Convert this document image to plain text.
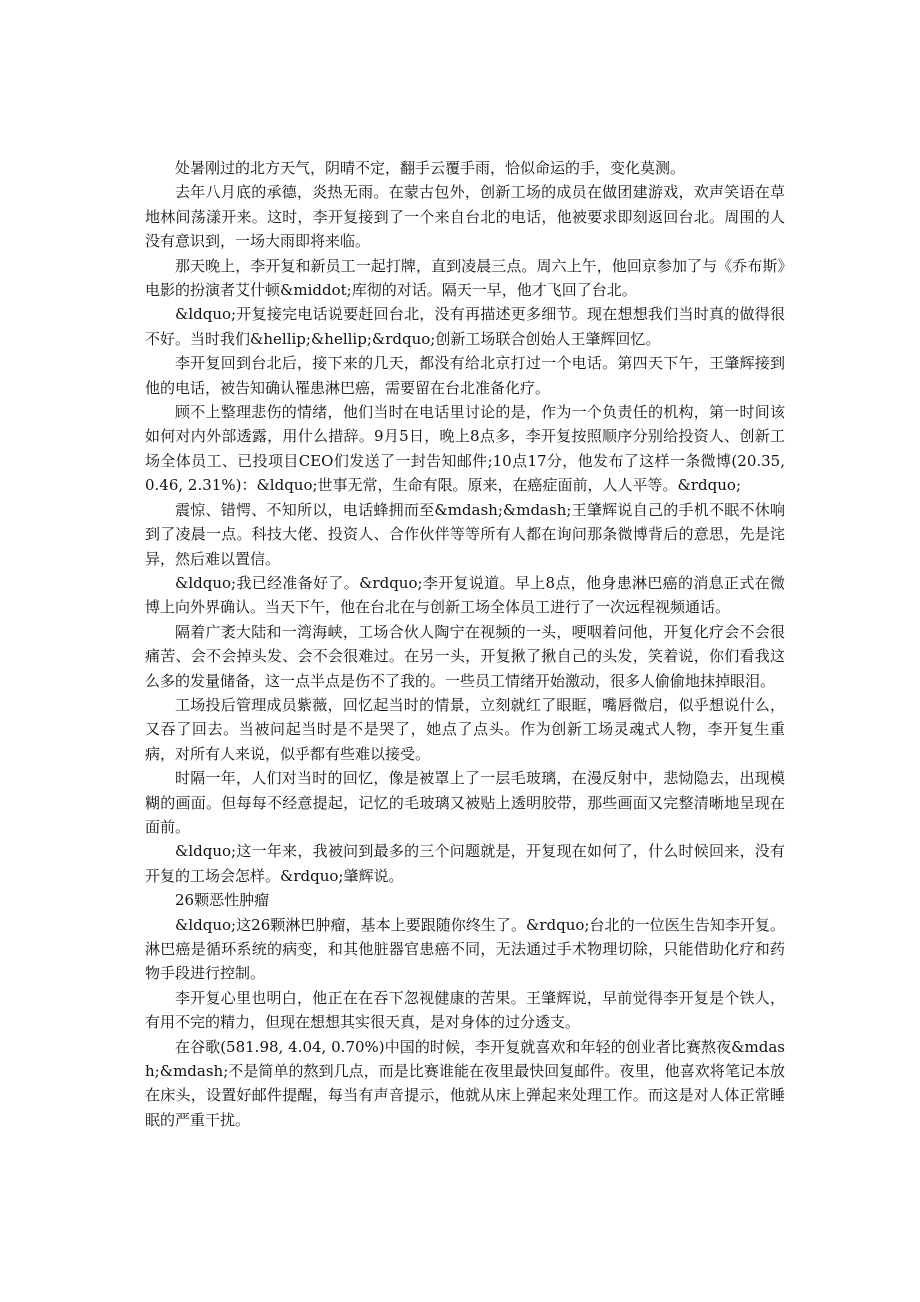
处暑刚过的北方天气，阴晴不定，翻手云覆手雨，恰似命运的手，变化莫测。

去年八月底的承德，炎热无雨。在蒙古包外，创新工场的成员在做团建游戏，欢声笑语在草地林间荡漾开来。这时，李开复接到了一个来自台北的电话，他被要求即刻返回台北。周围的人没有意识到，一场大雨即将来临。

那天晚上，李开复和新员工一起打牌，直到凌晨三点。周六上午，他回京参加了与《乔布斯》电影的扮演者艾什顿&middot;库彻的对话。隔天一早，他才飞回了台北。

&ldquo;开复接完电话说要赶回台北，没有再描述更多细节。现在想想我们当时真的做得很不好。当时我们&hellip;&hellip;&rdquo;创新工场联合创始人王肇辉回忆。

李开复回到台北后，接下来的几天，都没有给北京打过一个电话。第四天下午，王肇辉接到他的电话，被告知确认罹患淋巴癌，需要留在台北准备化疗。

顾不上整理悲伤的情绪，他们当时在电话里讨论的是，作为一个负责任的机构，第一时间该如何对内外部透露，用什么措辞。9月5日，晚上8点多，李开复按照顺序分别给投资人、创新工场全体员工、已投项目CEO们发送了一封告知邮件;10点17分，他发布了这样一条微博(20.35, 0.46, 2.31%)：&ldquo;世事无常，生命有限。原来，在癌症面前，人人平等。&rdquo;

震惊、错愕、不知所以，电话蜂拥而至&mdash;&mdash;王肇辉说自己的手机不眠不休响到了凌晨一点。科技大佬、投资人、合作伙伴等等所有人都在询问那条微博背后的意思，先是诧异，然后难以置信。

&ldquo;我已经准备好了。&rdquo;李开复说道。早上8点，他身患淋巴癌的消息正式在微博上向外界确认。当天下午，他在台北在与创新工场全体员工进行了一次远程视频通话。

隔着广袤大陆和一湾海峡，工场合伙人陶宁在视频的一头，哽咽着问他，开复化疗会不会很痛苦、会不会掉头发、会不会很难过。在另一头，开复揪了揪自己的头发，笑着说，你们看我这么多的发量储备，这一点半点是伤不了我的。一些员工情绪开始激动，很多人偷偷地抹掉眼泪。

工场投后管理成员紫薇，回忆起当时的情景，立刻就红了眼眶，嘴唇微启，似乎想说什么，又吞了回去。当被问起当时是不是哭了，她点了点头。作为创新工场灵魂式人物，李开复生重病，对所有人来说，似乎都有些难以接受。

时隔一年，人们对当时的回忆，像是被罩上了一层毛玻璃，在漫反射中，悲恸隐去，出现模糊的画面。但每每不经意提起，记忆的毛玻璃又被贴上透明胶带，那些画面又完整清晰地呈现在面前。

&ldquo;这一年来，我被问到最多的三个问题就是，开复现在如何了，什么时候回来，没有开复的工场会怎样。&rdquo;肇辉说。

26颗恶性肿瘤

&ldquo;这26颗淋巴肿瘤，基本上要跟随你终生了。&rdquo;台北的一位医生告知李开复。淋巴癌是循环系统的病变，和其他脏器官患癌不同，无法通过手术物理切除，只能借助化疗和药物手段进行控制。

李开复心里也明白，他正在在吞下忽视健康的苦果。王肇辉说，早前觉得李开复是个铁人，有用不完的精力，但现在想想其实很天真，是对身体的过分透支。

在谷歌(581.98, 4.04, 0.70%)中国的时候，李开复就喜欢和年轻的创业者比赛熬夜&mdash;&mdash;不是简单的熬到几点，而是比赛谁能在夜里最快回复邮件。夜里，他喜欢将笔记本放在床头，设置好邮件提醒，每当有声音提示，他就从床上弹起来处理工作。而这是对人体正常睡眠的严重干扰。
